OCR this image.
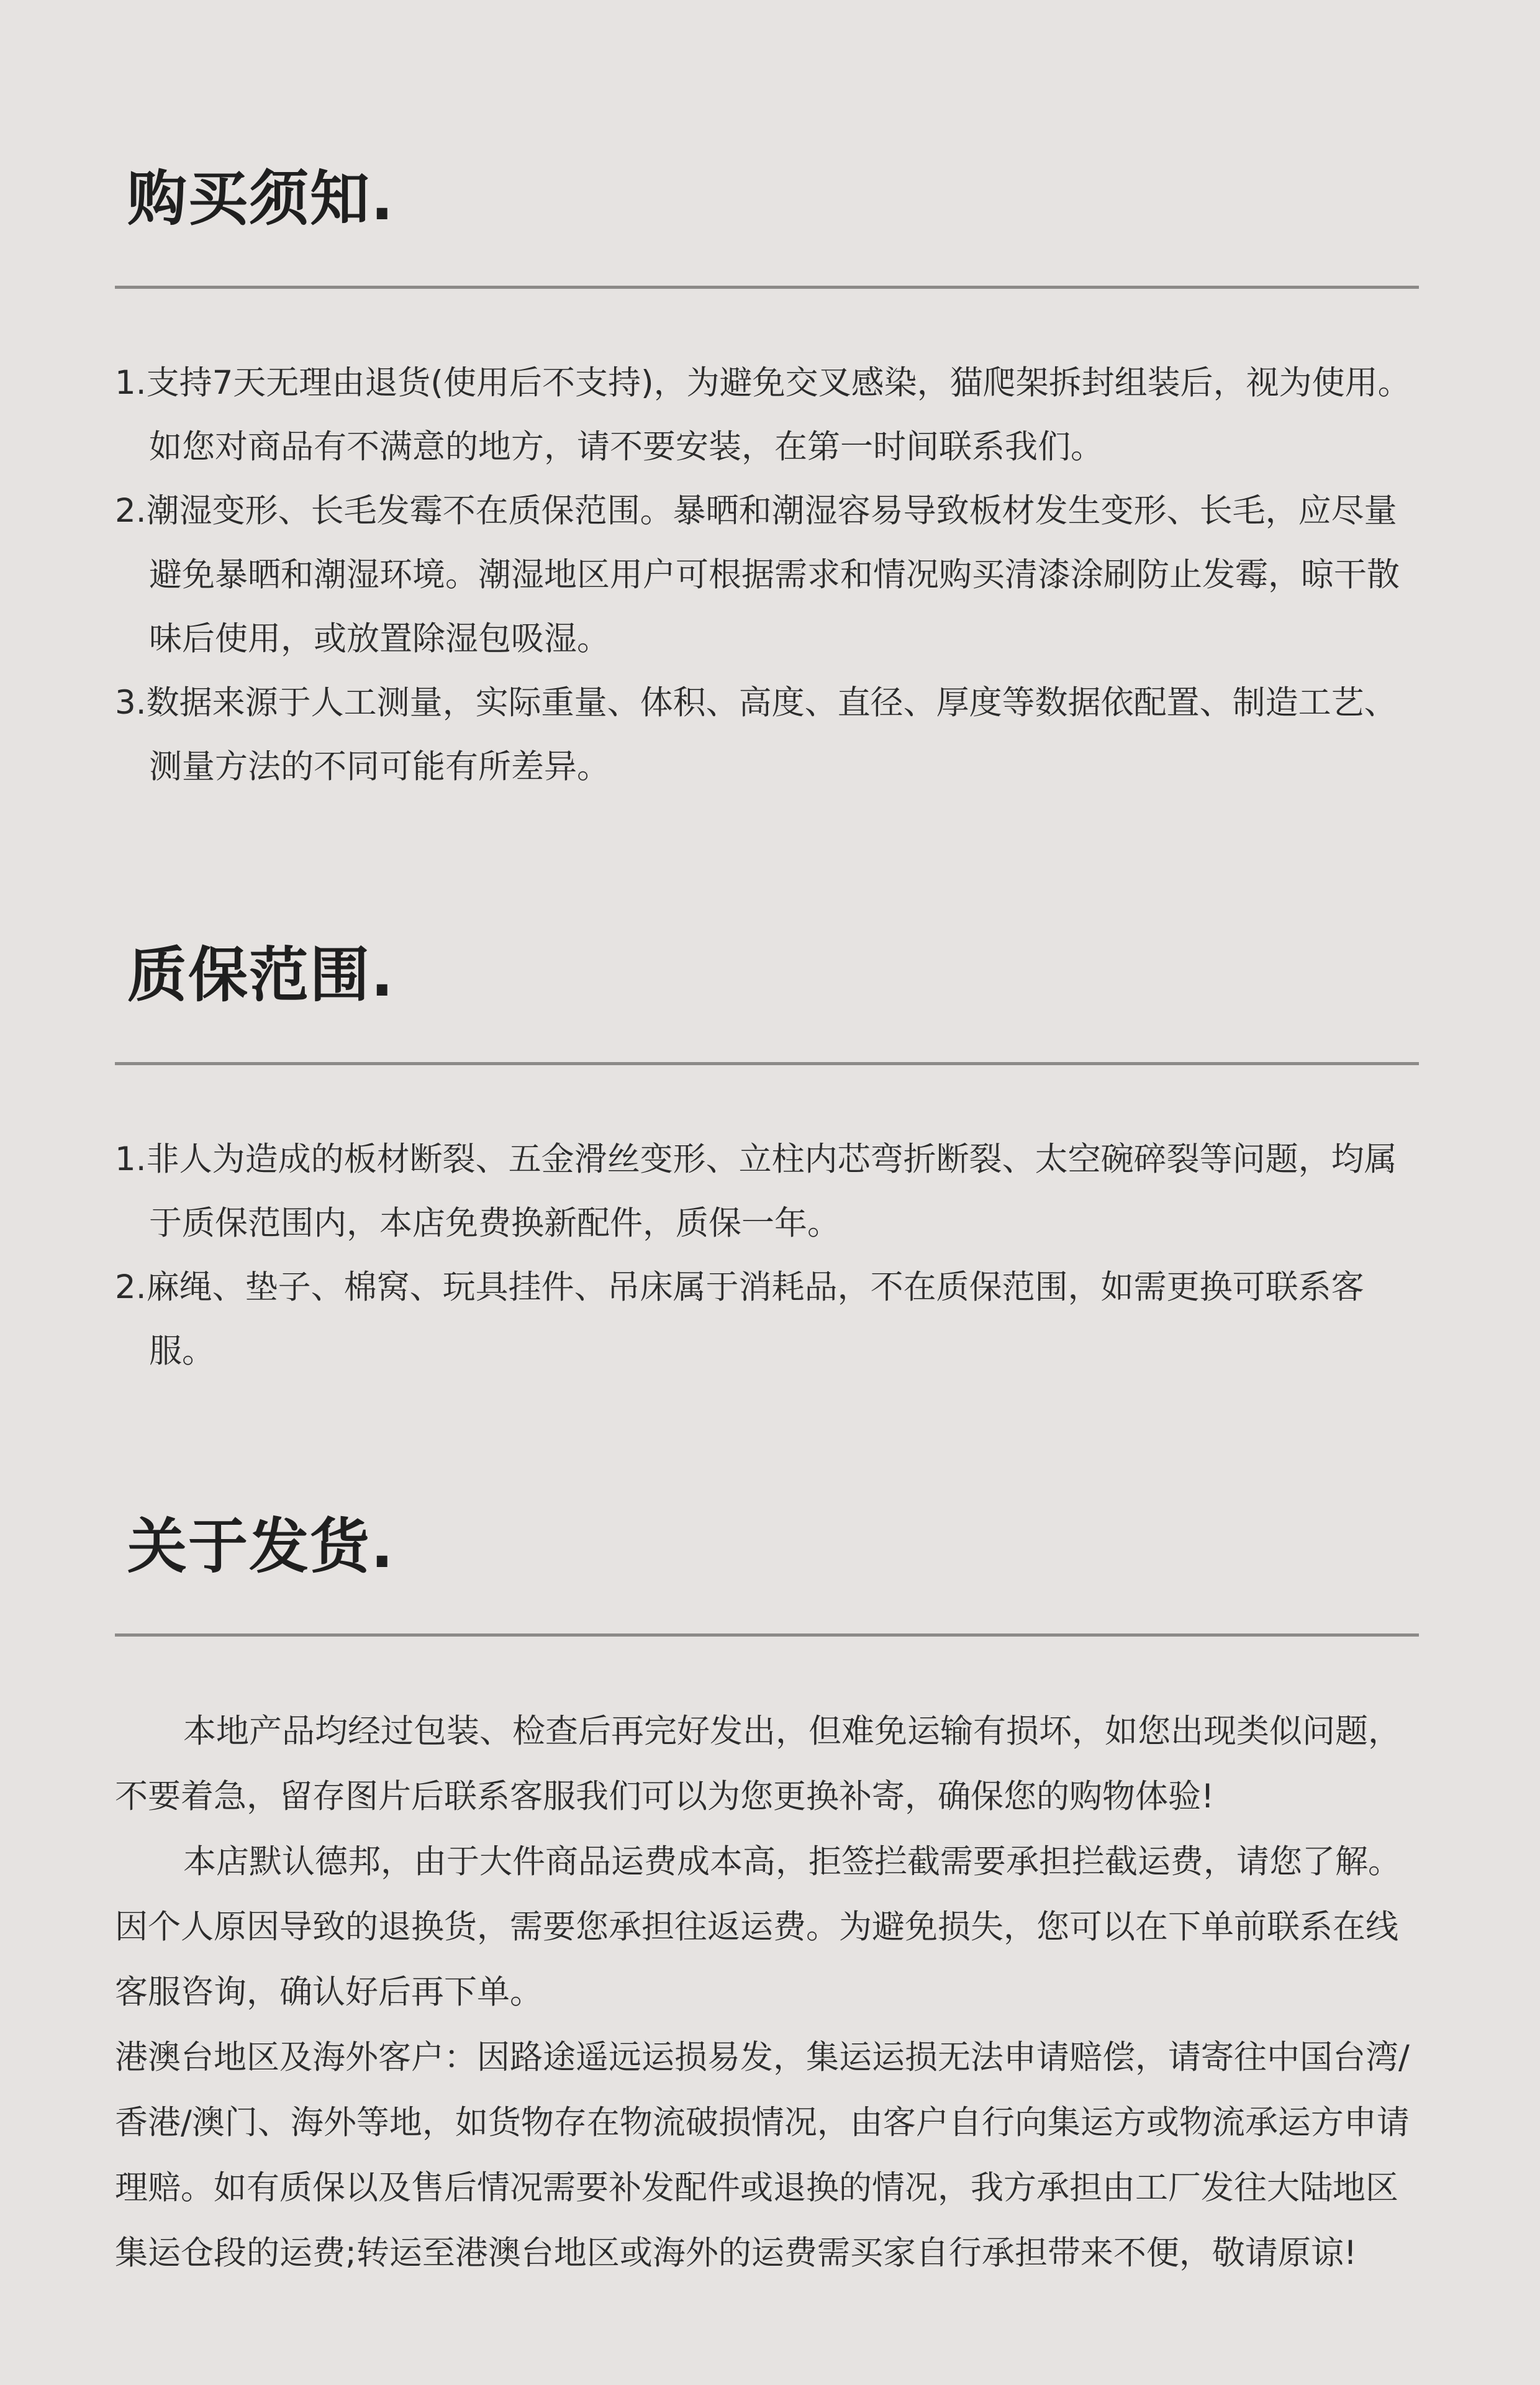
购买须知.
1.支持7天无理由退货(使用后不支持)，为避免交叉感染，猫爬架拆封组装后，视为使用。如您对商品有不满意的地方，请不要安装，在第一时间联系我们。
2.潮湿变形、长毛发霉不在质保范围。暴晒和潮湿容易导致板材发生变形、长毛，应尽量避免暴晒和潮湿环境。潮湿地区用户可根据需求和情况购买清漆涂刷防止发霉，晾干散味后使用，或放置除湿包吸湿。
3.数据来源于人工测量，实际重量、体积、高度、直径、厚度等数据依配置、制造工艺、测量方法的不同可能有所差异。
质保范围.
1.非人为造成的板材断裂、五金滑丝变形、立柱内芯弯折断裂、太空碗碎裂等问题，均属于质保范围内，本店免费换新配件，质保一年。
2.麻绳、垫子、棉窝、玩具挂件、吊床属于消耗品，不在质保范围，如需更换可联系客服。
关于发货.

本地产品均经过包装、检查后再完好发出，但难免运输有损坏，如您出现类似问题，不要着急，留存图片后联系客服我们可以为您更换补寄，确保您的购物体验!

本店默认德邦，由于大件商品运费成本高，拒签拦截需要承担拦截运费，请您了解。因个人原因导致的退换货，需要您承担往返运费。为避免损失，您可以在下单前联系在线客服咨询，确认好后再下单。

港澳台地区及海外客户：因路途遥远运损易发，集运运损无法申请赔偿，请寄往中国台湾/香港/澳门、海外等地，如货物存在物流破损情况，由客户自行向集运方或物流承运方申请理赔。如有质保以及售后情况需要补发配件或退换的情况，我方承担由工厂发往大陆地区集运仓段的运费;转运至港澳台地区或海外的运费需买家自行承担带来不便，敬请原谅!
